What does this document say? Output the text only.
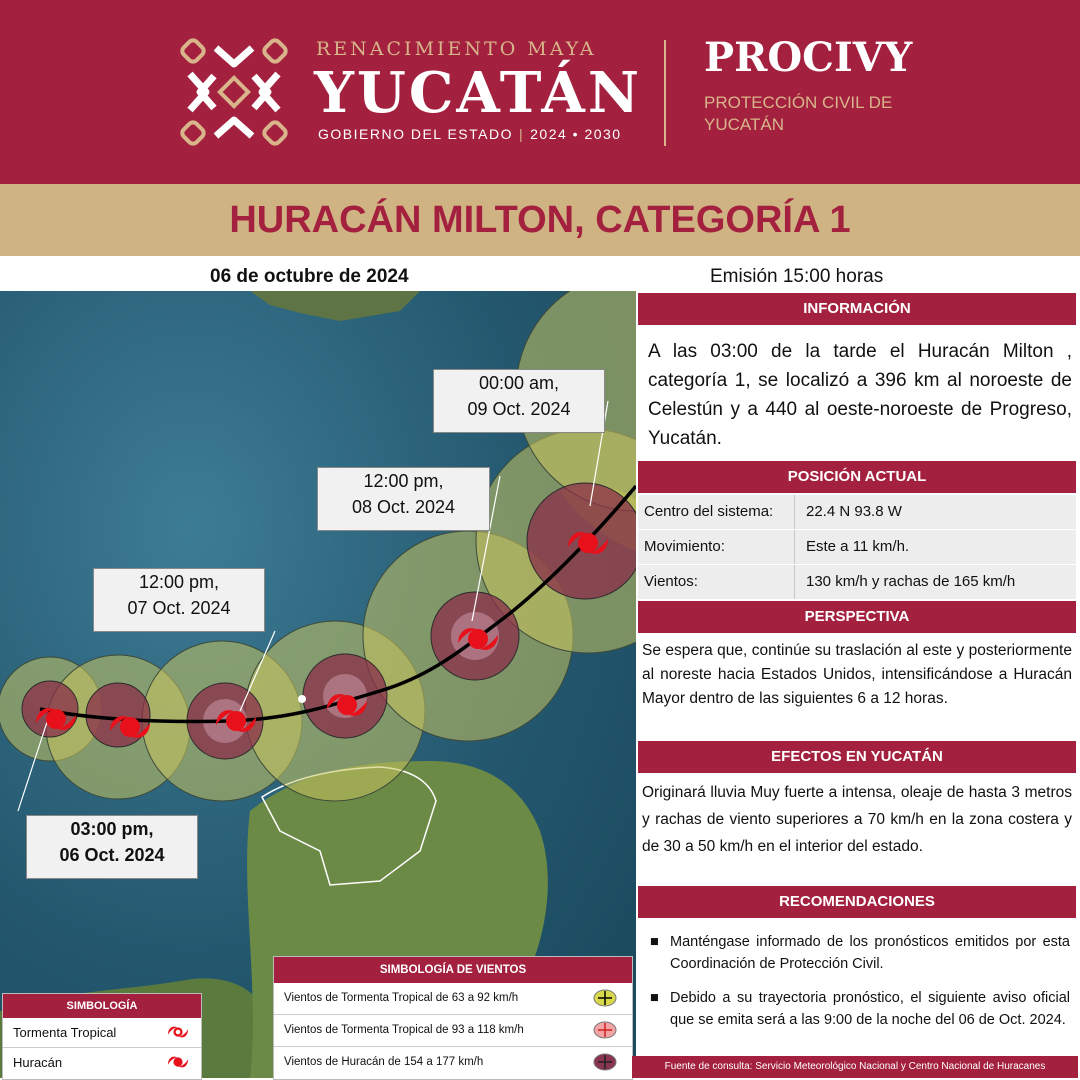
RENACIMIENTO MAYA
YUCATÁN
GOBIERNO DEL ESTADO | 2024 • 2030
PROCIVY
PROTECCIÓN CIVIL DE YUCATÁN
HURACÁN MILTON, CATEGORÍA 1
06 de octubre de 2024	Emisión 15:00 horas
00:00 am,
09 Oct. 2024
12:00 pm,
08 Oct. 2024
12:00 pm,
07 Oct. 2024
03:00 pm,
06 Oct. 2024
SIMBOLOGÍA DE VIENTOS
Vientos de Tormenta Tropical de 63 a 92 km/h
Vientos de Tormenta Tropical de 93 a 118 km/h
Vientos de Huracán de 154 a 177 km/h
SIMBOLOGÍA
Tormenta Tropical
Huracán
INFORMACIÓN
A las 03:00 de la tarde el Huracán Milton , categoría 1, se localizó a 396 km al noroeste de Celestún y a 440 al oeste-noroeste de Progreso, Yucatán.
POSICIÓN ACTUAL
Centro del sistema: 22.4 N 93.8 W
Movimiento:	Este a 11 km/h.
Vientos:	130 km/h y rachas de 165 km/h
PERSPECTIVA
Se espera que, continúe su traslación al este y posteriormente al noreste hacia Estados Unidos, intensificándose a Huracán Mayor dentro de las siguientes 6 a 12 horas.
EFECTOS EN YUCATÁN
Originará lluvia Muy fuerte a intensa, oleaje de hasta 3 metros y rachas de viento superiores a 70 km/h en la zona costera y de 30 a 50 km/h en el interior del estado.
RECOMENDACIONES
■ Manténgase informado de los pronósticos emitidos por esta Coordinación de Protección Civil.
■ Debido a su trayectoria pronóstico, el siguiente aviso oficial que se emita será a las 9:00 de la noche del 06 de Oct. 2024.
Fuente de consulta: Servicio Meteorológico Nacional y Centro Nacional de Huracanes
